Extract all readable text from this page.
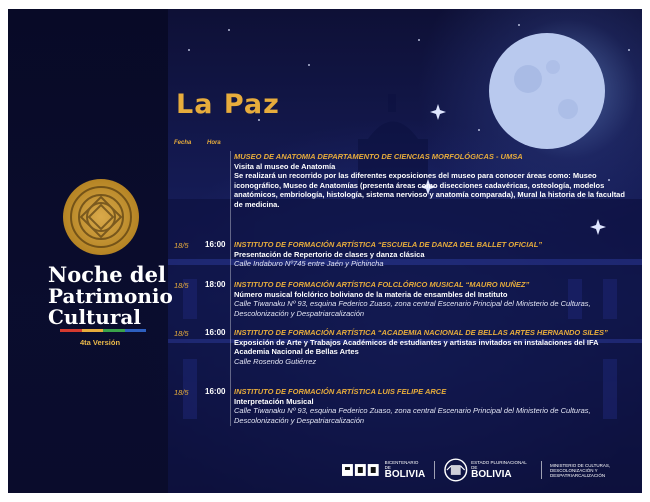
Noche del
Patrimonio
Cultural
4ta Versión
La Paz
Fecha	Hora
MUSEO DE ANATOMIA DEPARTAMENTO DE CIENCIAS MORFOLÓGICAS - UMSA
Visita al museo de Anatomía
Se realizará un recorrido por las diferentes exposiciones del museo para conocer áreas como: Museo iconográfico, Museo de Anatomías (presenta áreas como disecciones cadavéricas, osteología, modelos anatómicos, embriología, histología, sistema nervioso y anatomía comparada), Mural la historia de la facultad de medicina.
18/5 16:00 INSTITUTO DE FORMACIÓN ARTÍSTICA “ESCUELA DE DANZA DEL BALLET OFICIAL”
Presentación de Repertorio de clases y danza clásica
Calle Indaburo Nº745 entre Jaén y Pichincha
18/5 18:00 INSTITUTO DE FORMACIÓN ARTÍSTICA FOLCLÓRICO MUSICAL “MAURO NUÑEZ”
Número musical folclórico boliviano de la materia de ensambles del Instituto
Calle Tiwanaku Nº 93, esquina Federico Zuaso, zona central Escenario Principal del Ministerio de Culturas, Descolonización y Despatriarcalización
18/5 16:00 INSTITUTO DE FORMACIÓN ARTÍSTICA “ACADEMIA NACIONAL DE BELLAS ARTES HERNANDO SILES”
Exposición de Arte y Trabajos Académicos de estudiantes y artistas invitados en instalaciones del IFA Academia Nacional de Bellas Artes
Calle Rosendo Gutiérrez
18/5 16:00 INSTITUTO DE FORMACIÓN ARTÍSTICA LUIS FELIPE ARCE
Interpretación Musical
Calle Tiwanaku Nº 93, esquina Federico Zuaso, zona central Escenario Principal del Ministerio de Culturas, Descolonización y Despatriarcalización
BICENTENARIO DE
BOLIVIA
ESTADO PLURINACIONAL DE
BOLIVIA
MINISTERIO DE CULTURAS, DESCOLONIZACIÓN Y DESPATRIARCALIZACIÓN
